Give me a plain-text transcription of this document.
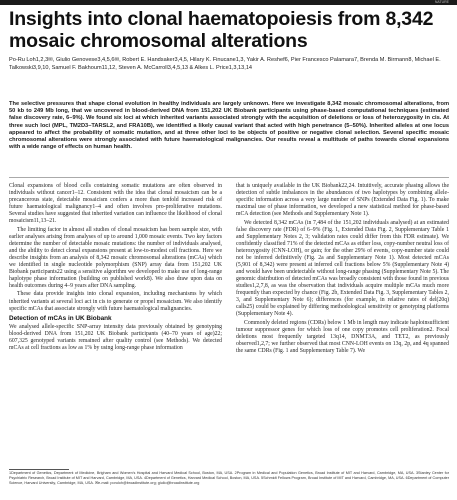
NATURE
Insights into clonal haematopoiesis from 8,342 mosaic chromosomal alterations
Po-Ru Loh1,2,3✉, Giulio Genovese3,4,5,6✉, Robert E. Handsaker3,4,5, Hilary K. Finucane1,3, Yakir A. Reshef6, Pier Francesco Palamara7, Brenda M. Birmann8, Michael E. Talkowski3,9,10, Samuel F. Bakhoum11,12, Steven A. McCarroll3,4,5,13 & Alkes L. Price1,3,13,14
The selective pressures that shape clonal evolution in healthy individuals are largely unknown. Here we investigate 8,342 mosaic chromosomal alterations, from 50 kb to 249 Mb long, that we uncovered in blood-derived DNA from 151,202 UK Biobank participants using phase-based computational techniques (estimated false discovery rate, 6–9%). We found six loci at which inherited variants associated strongly with the acquisition of deletions or loss of heterozygosity in cis. At three such loci (MPL, TM2D3–TARSL2, and FRA10B), we identified a likely causal variant that acted with high penetrance (5–50%). Inherited alleles at one locus appeared to affect the probability of somatic mutation, and at three other loci to be objects of positive or negative clonal selection. Several specific mosaic chromosomal alterations were strongly associated with future haematological malignancies. Our results reveal a multitude of paths towards clonal expansions with a wide range of effects on human health.

Clonal expansions of blood cells containing somatic mutations are often observed in individuals without cancer1–12. Consistent with the idea that clonal mosaicism can be a precancerous state, detectable mosaicism confers a more than tenfold increased risk of future haematological malignancy1–4 and often involves pro-proliferative mutations. Several studies have suggested that inherited variation can influence the likelihood of clonal mosaicism11,13–21.

The limiting factor in almost all studies of clonal mosaicism has been sample size, with earlier analyses arising from analyses of up to around 1,000 mosaic events. Two key factors determine the number of detectable mosaic mutations: the number of individuals analysed, and the ability to detect clonal expansions present at low-to-modest cell fractions. Here we describe insights from an analysis of 8,342 mosaic chromosomal alterations (mCAs) which we identified in single nucleotide polymorphism (SNP) array data from 151,202 UK Biobank participants22 using a sensitive algorithm we developed to make use of long-range haplotype phase information (building on published work8). We also draw upon data on health outcomes during 4–9 years after DNA sampling.

These data provide insights into clonal expansion, including mechanisms by which inherited variants at several loci act in cis to generate or propel mosaicism. We also identify specific mCAs that associate strongly with future haematological malignancies.

Detection of mCAs in UK Biobank

We analysed allele-specific SNP-array intensity data previously obtained by genotyping blood-derived DNA from 151,202 UK Biobank participants (40–70 years of age)22; 607,325 genotyped variants remained after quality control (see Methods). We detected mCAs at cell fractions as low as 1% by using long-range phase information

that is uniquely available in the UK Biobank22,24. Intuitively, accurate phasing allows the detection of subtle imbalances in the abundances of two haplotypes by combining allele-specific information across a very large number of SNPs (Extended Data Fig. 1). To make maximal use of phase information, we developed a new statistical method for phase-based mCA detection (see Methods and Supplementary Note 1).

We detected 8,342 mCAs (in 7,484 of the 151,202 individuals analysed) at an estimated false discovery rate (FDR) of 6–9% (Fig. 1, Extended Data Fig. 2, Supplementary Table 1 and Supplementary Notes 2, 3; validation rates could differ from this FDR estimate). We confidently classified 71% of the detected mCAs as either loss, copy-number neutral loss of heterozygosity (CNN-LOH), or gain; for the other 29% of events, copy-number state could not be inferred definitively (Fig. 2a and Supplementary Note 1). Most detected mCAs (5,901 of 8,342) were present at inferred cell fractions below 5% (Supplementary Note 4) and would have been undetectable without long-range phasing (Supplementary Note 5). The genomic distribution of detected mCAs was broadly consistent with those found in previous studies1,2,7,8, as was the observation that individuals acquire multiple mCAs much more frequently than expected by chance (Fig. 2b, Extended Data Fig. 3, Supplementary Tables 2, 3, and Supplementary Note 6); differences (for example, in relative rates of del(20q) calls25) could be explained by differing methodological sensitivity or genotyping platforms (Supplementary Note 4).

Commonly deleted regions (CDRs) below 1 Mb in length may indicate haploinsufficient tumour suppressor genes for which loss of one copy promotes cell proliferation2. Focal deletions most frequently targeted 13q14, DNMT3A, and TET2, as previously observed1,2,7; we further observed that most CNN-LOH events on 13q, 2p, and 4q spanned the same CDRs (Fig. 1 and Supplementary Table 7). We

1Department of Genetics, Department of Medicine, Brigham and Women's Hospital and Harvard Medical School, Boston, MA, USA. 2Program in Medical and Population Genetics, Broad Institute of MIT and Harvard, Cambridge, MA, USA. 3Stanley Center for Psychiatric Research, Broad Institute of MIT and Harvard, Cambridge, MA, USA. 4Department of Genetics, Harvard Medical School, Boston, MA, USA. 5Schmidt Fellows Program, Broad Institute of MIT and Harvard, Cambridge, MA, USA. 6Department of Computer Science, Harvard University, Cambridge, MA, USA. ✉e-mail: poruloh@broadinstitute.org; giulio@broadinstitute.org
